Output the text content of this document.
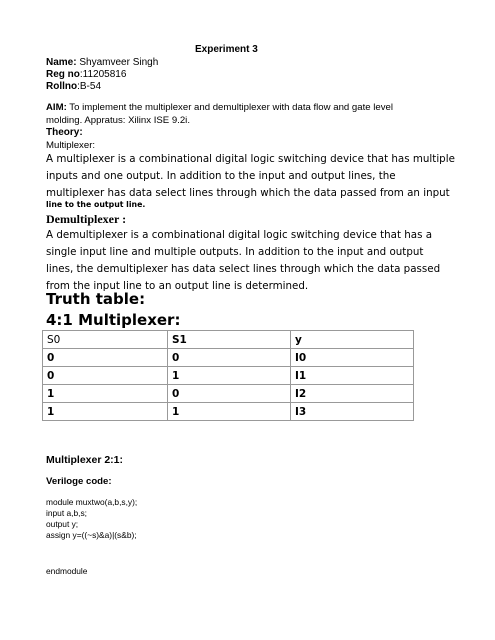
Experiment 3
Name: Shyamveer Singh
Reg no:11205816
Rollno:B-54
AIM: To implement the multiplexer and demultiplexer with data flow and gate level
molding. Appratus: Xilinx ISE 9.2i.
Theory:
Multiplexer:
A multiplexer is a combinational digital logic switching device that has multiple
inputs and one output. In addition to the input and output lines, the
multiplexer has data select lines through which the data passed from an input
line to the output line.
Demultiplexer :
A demultiplexer is a combinational digital logic switching device that has a
single input line and multiple outputs. In addition to the input and output
lines, the demultiplexer has data select lines through which the data passed
from the input line to an output line is determined.
Truth table:
4:1 Multiplexer:
S0	S1	y
0	0	I0
0	1	I1
1	0	I2
1	1	I3
Multiplexer 2:1:
Veriloge code:
module muxtwo(a,b,s,y);
input a,b,s;
output y;
assign y=((~s)&a)|(s&b);
endmodule
